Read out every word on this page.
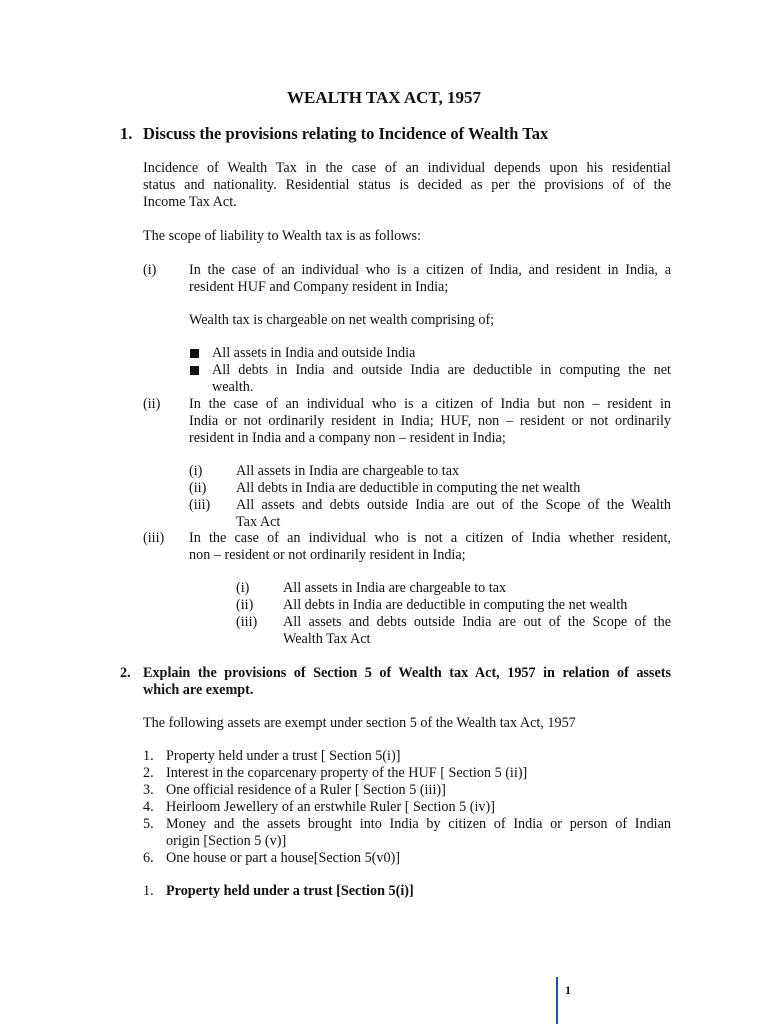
WEALTH TAX ACT, 1957
1. Discuss the provisions relating to Incidence of Wealth Tax
Incidence of Wealth Tax in the case of an individual depends upon his residential
status and nationality. Residential status is decided as per the provisions of of the
Income Tax Act.
The scope of liability to Wealth tax is as follows:
(i) In the case of an individual who is a citizen of India, and resident in India, a
resident HUF and Company resident in India;
Wealth tax is chargeable on net wealth comprising of;
All assets in India and outside India
All debts in India and outside India are deductible in computing the net
wealth.
(ii) In the case of an individual who is a citizen of India but non – resident in
India or not ordinarily resident in India; HUF, non – resident or not ordinarily
resident in India and a company non – resident in India;
(i) All assets in India are chargeable to tax
(ii) All debts in India are deductible in computing the net wealth
(iii) All assets and debts outside India are out of the Scope of the Wealth
Tax Act
(iii) In the case of an individual who is not a citizen of India whether resident,
non – resident or not ordinarily resident in India;
(i) All assets in India are chargeable to tax
(ii) All debts in India are deductible in computing the net wealth
(iii) All assets and debts outside India are out of the Scope of the
Wealth Tax Act
2. Explain the provisions of Section 5 of Wealth tax Act, 1957 in relation of assets
which are exempt.
The following assets are exempt under section 5 of the Wealth tax Act, 1957
1. Property held under a trust [ Section 5(i)]
2. Interest in the coparcenary property of the HUF [ Section 5 (ii)]
3. One official residence of a Ruler [ Section 5 (iii)]
4. Heirloom Jewellery of an erstwhile Ruler [ Section 5 (iv)]
5. Money and the assets brought into India by citizen of India or person of Indian
origin [Section 5 (v)]
6. One house or part a house[Section 5(v0)]
1. Property held under a trust [Section 5(i)]
1
